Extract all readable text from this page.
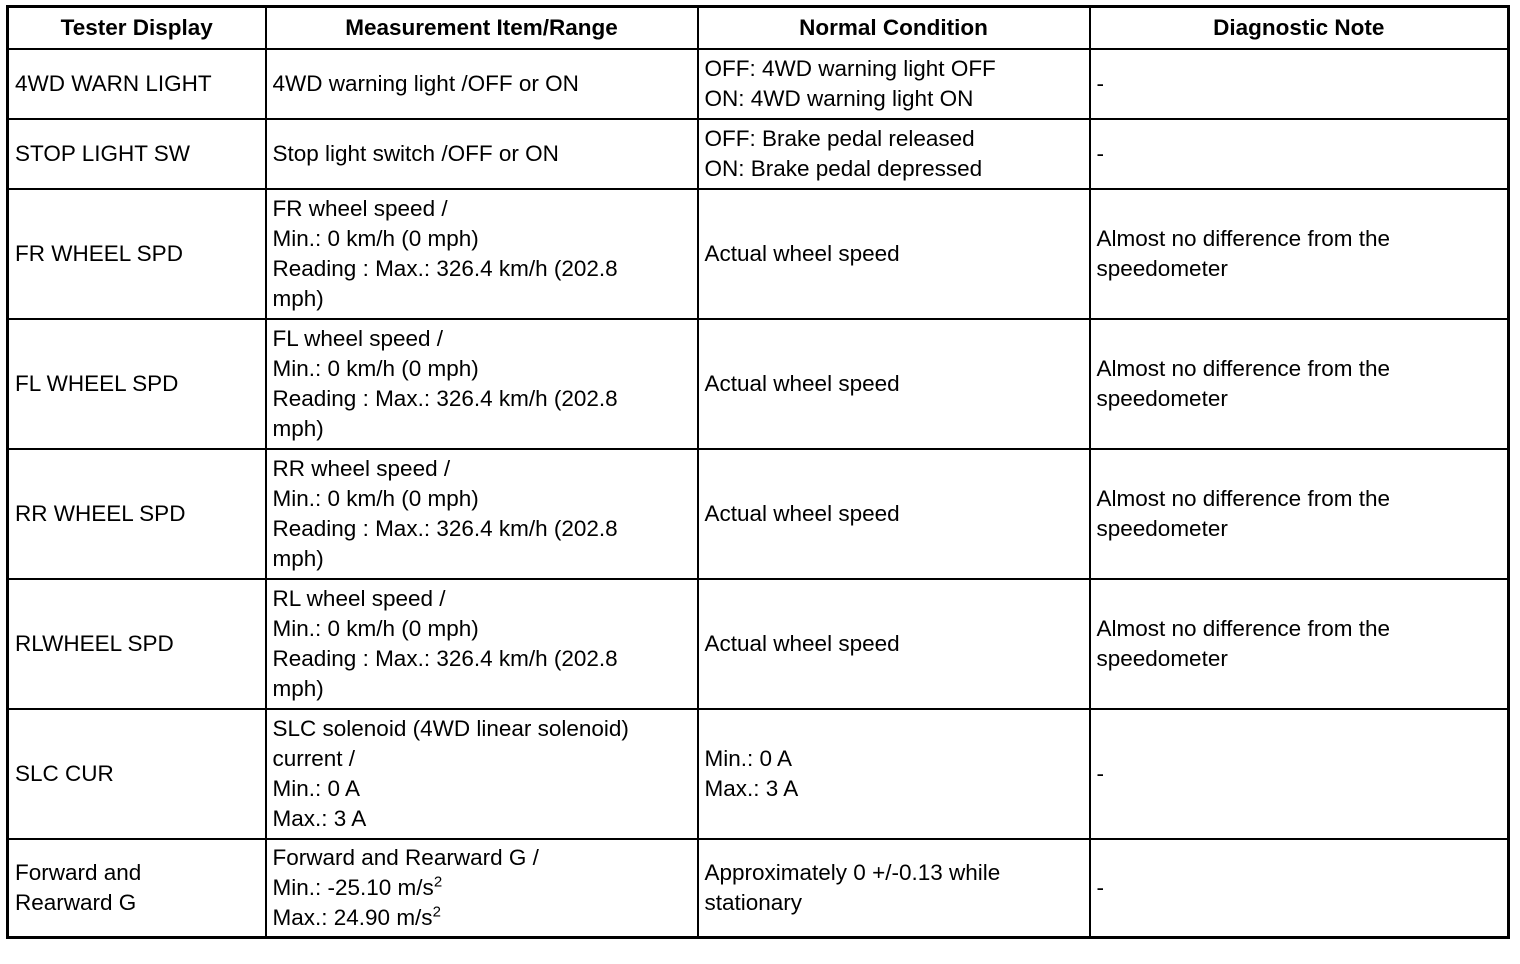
Tester Display	Measurement Item/Range	Normal Condition	Diagnostic Note
4WD WARN LIGHT	4WD warning light /OFF or ON	OFF: 4WD warning light OFF
ON: 4WD warning light ON	-
STOP LIGHT SW	Stop light switch /OFF or ON	OFF: Brake pedal released
ON: Brake pedal depressed	-
FR WHEEL SPD	FR wheel speed /
Min.: 0 km/h (0 mph)
Reading : Max.: 326.4 km/h (202.8
mph)	Actual wheel speed	Almost no difference from the
speedometer
FL WHEEL SPD	FL wheel speed /
Min.: 0 km/h (0 mph)
Reading : Max.: 326.4 km/h (202.8
mph)	Actual wheel speed	Almost no difference from the
speedometer
RR WHEEL SPD	RR wheel speed /
Min.: 0 km/h (0 mph)
Reading : Max.: 326.4 km/h (202.8
mph)	Actual wheel speed	Almost no difference from the
speedometer
RLWHEEL SPD	RL wheel speed /
Min.: 0 km/h (0 mph)
Reading : Max.: 326.4 km/h (202.8
mph)	Actual wheel speed	Almost no difference from the
speedometer
SLC CUR	SLC solenoid (4WD linear solenoid)
current /
Min.: 0 A
Max.: 3 A	Min.: 0 A
Max.: 3 A	-
Forward and
Rearward G	Forward and Rearward G /
Min.: -25.10 $m/s^2$
Max.: 24.90 $m/s^2$	Approximately 0 +/-0.13 while
stationary	-
